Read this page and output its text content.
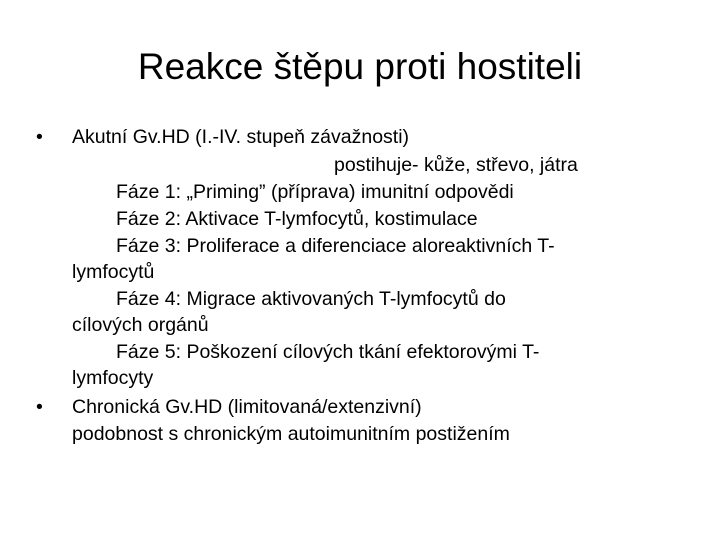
Reakce štěpu proti hostiteli
•	Akutní Gv.HD (I.-IV. stupeň závažnosti)
postihuje- kůže, střevo, játra
Fáze 1: „Priming” (příprava) imunitní odpovědi
Fáze 2: Aktivace T-lymfocytů, kostimulace
Fáze 3: Proliferace a diferenciace aloreaktivních T-
lymfocytů
Fáze 4: Migrace aktivovaných T-lymfocytů do
cílových orgánů
Fáze 5: Poškození cílových tkání efektorovými T-
lymfocyty
•	Chronická Gv.HD (limitovaná/extenzivní)
podobnost s chronickým autoimunitním postižením
